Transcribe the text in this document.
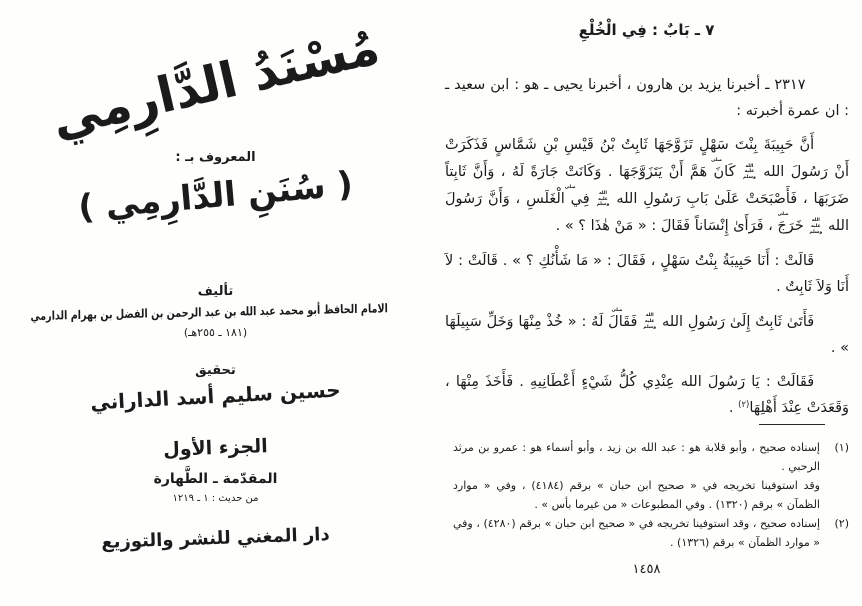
مُسْنَدُ الدَّارِمِي
المعروف بـ :
( سُنَنِ الدَّارِمِي )
تأليف
الامام الحافظ أبو محمد عبد الله بن عبد الرحمن بن الفضل بن بهرام الدارمي
(١٨١ ـ ٢٥٥هـ)
تحقيق
حسين سليم أسد الداراني
الجزء الأول
المقدّمة ـ الطَّهارة
من حديث : ١ ـ ١٢١٩
دار المغني للنشر والتوزيع
٧ ـ بَابٌ : فِي الْخُلْعِ

٢٣١٧ ـ أخبرنا يزيد بن هارون ، أخبرنا يحيى ـ هو : ابن سعيد ـ : ان عمرة أخبرته :

أَنَّ حَبِيبَةَ بِنْتَ سَهْلٍ تَزَوَّجَهَا ثَابِتُ بْنُ قَيْسِ بْنِ شَمَّاسٍ فَذَكَرَتْ أَنْ رَسُولَ الله صلى الله عليه وسلم كَانَ هَمَّ أَنْ يَتَزَوَّجَهَا . وَكَانَتْ جَارَةً لَهُ ، وَأَنَّ ثَابِتاً ضَرَبَهَا ، فَأَصْبَحَتْ عَلَىٰ بَابِ رَسُولِ الله صلى الله عليه وسلم فِي الْغَلَسِ ، وَأَنَّ رَسُولَ الله صلى الله عليه وسلم خَرَجَ ، فَرَأَىٰ إِنْسَاناً فَقَالَ : « مَنْ هٰذَا ؟ » .

قَالَتْ : أَنَا حَبِيبَةُ بِنْتُ سَهْلٍ ، فَقَالَ : « مَا شَأْنُكِ ؟ » . قَالَتْ : لاَ أَنَا وَلاَ ثَابِتٌ .

فَأَتَىٰ ثَابِتٌ إِلَىٰ رَسُولِ الله صلى الله عليه وسلم فَقَالَ لَهُ : « خُذْ مِنْهَا وَخَلِّ سَبِيلَهَا » .

فَقَالَتْ : يَا رَسُولَ الله عِنْدِي كُلُّ شَيْءٍ أَعْطَانِيهِ . فَأَخَذَ مِنْهَا ، وَقَعَدَتْ عِنْدَ أَهْلِهَا$^{(٢)}$ .

(١)

إسناده صحيح ، وأبو قلابة هو : عبد الله بن زيد ، وأبو أسماء هو : عمرو بن مرثد الرحبي .

وقد استوفينا تخريجه في « صحيح ابن حبان » برقم (٤١٨٤) ، وفي « موارد الظمآن » برقم (١٣٢٠) . وفي المطبوعات « من غيرما بأس » .

(٢)

إسناده صحيح ، وقد استوفينا تخريجه في « صحيح ابن حبان » برقم (٤٢٨٠) ، وفي « موارد الظمآن » برقم (١٣٢٦) .

١٤٥٨
